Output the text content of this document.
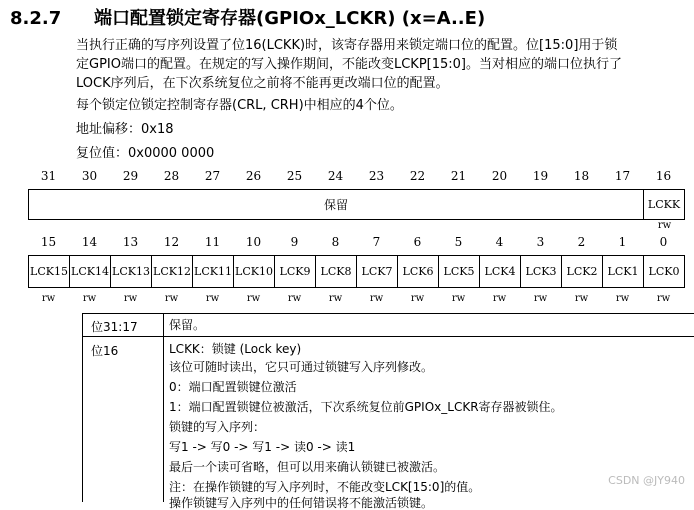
8.2.7 端口配置锁定寄存器(GPIOx_LCKR) (x=A..E)
当执行正确的写序列设置了位16(LCKK)时，该寄存器用来锁定端口位的配置。位[15:0]用于锁
定GPIO端口的配置。在规定的写入操作期间，不能改变LCKP[15:0]。当对相应的端口位执行了
LOCK序列后，在下次系统复位之前将不能再更改端口位的配置。
每个锁定位锁定控制寄存器(CRL, CRH)中相应的4个位。
地址偏移：0x18
复位值：0x0000 0000
31	30	29	28	27	26	25	24	23	22	21	20	19	18	17	16
保留	LCKK
rw
15	14	13	12	11	10	9	8	7	6	5	4	3	2	1	0
LCK15 LCK14 LCK13 LCK12 LCK11 LCK10 LCK9 LCK8 LCK7 LCK6 LCK5 LCK4 LCK3 LCK2 LCK1 LCK0
rw	rw	rw	rw	rw	rw	rw	rw	rw	rw	rw	rw	rw	rw	rw	rw
位31:17	保留。
位16	LCKK：锁键 (Lock key)
该位可随时读出，它只可通过锁键写入序列修改。
0：端口配置锁键位激活
1：端口配置锁键位被激活，下次系统复位前GPIOx_LCKR寄存器被锁住。
锁键的写入序列：
写1 -> 写0 -> 写1 -> 读0 -> 读1
最后一个读可省略，但可以用来确认锁键已被激活。
注：在操作锁键的写入序列时，不能改变LCK[15:0]的值。
操作锁键写入序列中的任何错误将不能激活锁键。
CSDN @JY940
